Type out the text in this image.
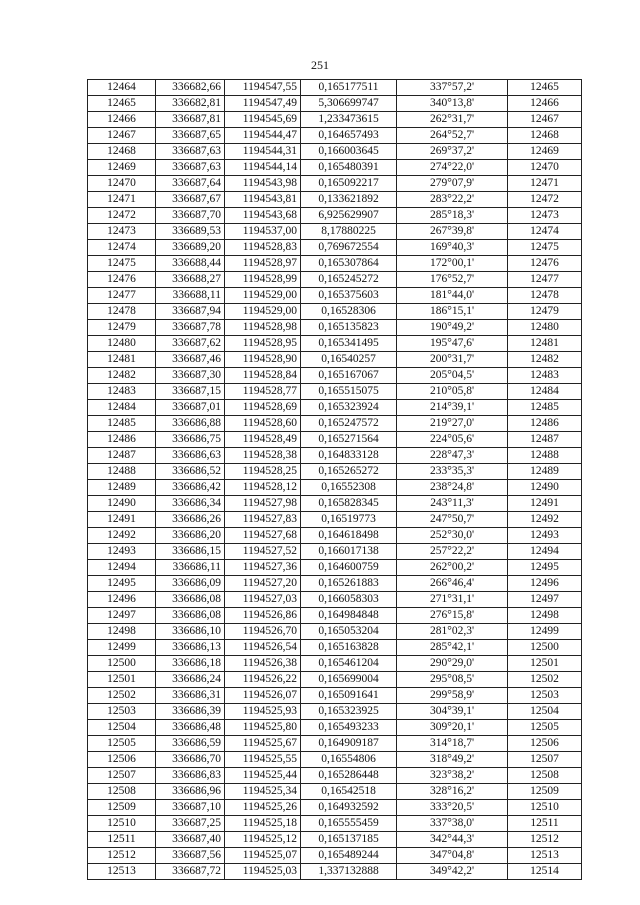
251
12464	336682,66	1194547,55	0,165177511	337°57,2'	12465
12465	336682,81	1194547,49	5,306699747	340°13,8'	12466
12466	336687,81	1194545,69	1,233473615	262°31,7'	12467
12467	336687,65	1194544,47	0,164657493	264°52,7'	12468
12468	336687,63	1194544,31	0,166003645	269°37,2'	12469
12469	336687,63	1194544,14	0,165480391	274°22,0'	12470
12470	336687,64	1194543,98	0,165092217	279°07,9'	12471
12471	336687,67	1194543,81	0,133621892	283°22,2'	12472
12472	336687,70	1194543,68	6,925629907	285°18,3'	12473
12473	336689,53	1194537,00	8,17880225	267°39,8'	12474
12474	336689,20	1194528,83	0,769672554	169°40,3'	12475
12475	336688,44	1194528,97	0,165307864	172°00,1'	12476
12476	336688,27	1194528,99	0,165245272	176°52,7'	12477
12477	336688,11	1194529,00	0,165375603	181°44,0'	12478
12478	336687,94	1194529,00	0,16528306	186°15,1'	12479
12479	336687,78	1194528,98	0,165135823	190°49,2'	12480
12480	336687,62	1194528,95	0,165341495	195°47,6'	12481
12481	336687,46	1194528,90	0,16540257	200°31,7'	12482
12482	336687,30	1194528,84	0,165167067	205°04,5'	12483
12483	336687,15	1194528,77	0,165515075	210°05,8'	12484
12484	336687,01	1194528,69	0,165323924	214°39,1'	12485
12485	336686,88	1194528,60	0,165247572	219°27,0'	12486
12486	336686,75	1194528,49	0,165271564	224°05,6'	12487
12487	336686,63	1194528,38	0,164833128	228°47,3'	12488
12488	336686,52	1194528,25	0,165265272	233°35,3'	12489
12489	336686,42	1194528,12	0,16552308	238°24,8'	12490
12490	336686,34	1194527,98	0,165828345	243°11,3'	12491
12491	336686,26	1194527,83	0,16519773	247°50,7'	12492
12492	336686,20	1194527,68	0,164618498	252°30,0'	12493
12493	336686,15	1194527,52	0,166017138	257°22,2'	12494
12494	336686,11	1194527,36	0,164600759	262°00,2'	12495
12495	336686,09	1194527,20	0,165261883	266°46,4'	12496
12496	336686,08	1194527,03	0,166058303	271°31,1'	12497
12497	336686,08	1194526,86	0,164984848	276°15,8'	12498
12498	336686,10	1194526,70	0,165053204	281°02,3'	12499
12499	336686,13	1194526,54	0,165163828	285°42,1'	12500
12500	336686,18	1194526,38	0,165461204	290°29,0'	12501
12501	336686,24	1194526,22	0,165699004	295°08,5'	12502
12502	336686,31	1194526,07	0,165091641	299°58,9'	12503
12503	336686,39	1194525,93	0,165323925	304°39,1'	12504
12504	336686,48	1194525,80	0,165493233	309°20,1'	12505
12505	336686,59	1194525,67	0,164909187	314°18,7'	12506
12506	336686,70	1194525,55	0,16554806	318°49,2'	12507
12507	336686,83	1194525,44	0,165286448	323°38,2'	12508
12508	336686,96	1194525,34	0,16542518	328°16,2'	12509
12509	336687,10	1194525,26	0,164932592	333°20,5'	12510
12510	336687,25	1194525,18	0,165555459	337°38,0'	12511
12511	336687,40	1194525,12	0,165137185	342°44,3'	12512
12512	336687,56	1194525,07	0,165489244	347°04,8'	12513
12513	336687,72	1194525,03	1,337132888	349°42,2'	12514
